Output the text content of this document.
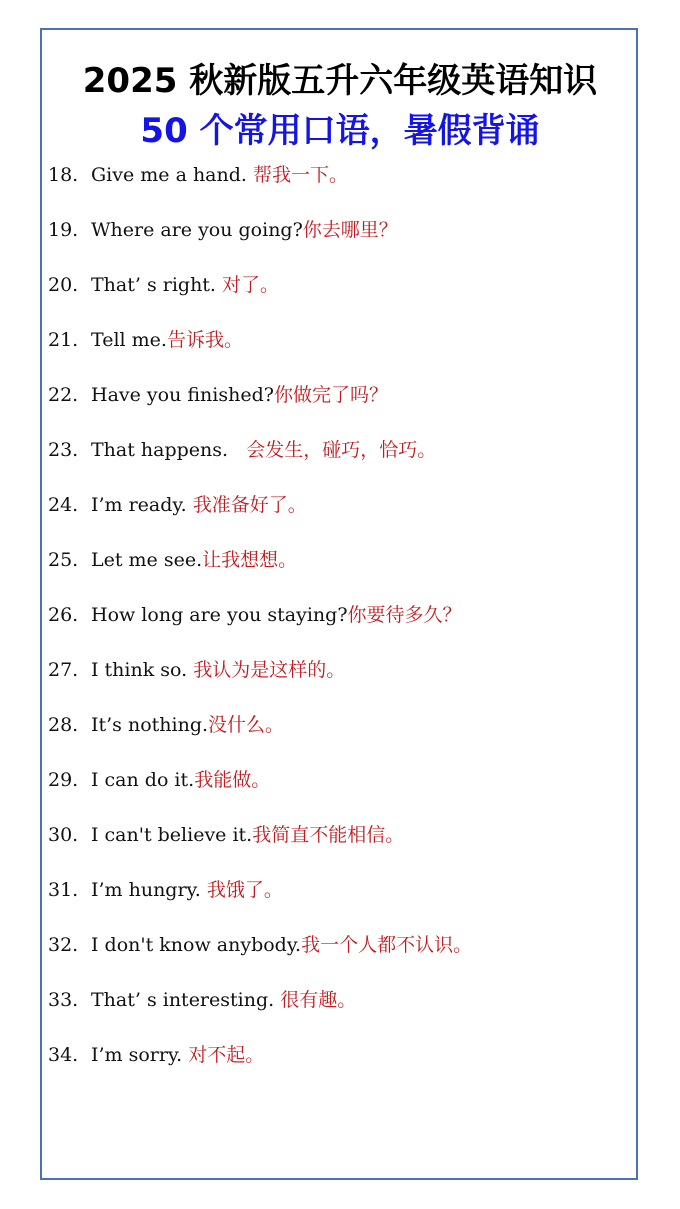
2025 秋新版五升六年级英语知识
50 个常用口语，暑假背诵
18. Give me a hand. 帮我一下。
19. Where are you going?你去哪里？
20. That’ s right. 对了。
21. Tell me.告诉我。
22. Have you finished?你做完了吗？
23. That happens. 会发生，碰巧，恰巧。
24. I’m ready. 我准备好了。
25. Let me see.让我想想。
26. How long are you staying?你要待多久？
27. I think so. 我认为是这样的。
28. It’s nothing.没什么。
29. I can do it.我能做。
30. I can't believe it.我简直不能相信。
31. I’m hungry. 我饿了。
32. I don't know anybody.我一个人都不认识。
33. That’ s interesting. 很有趣。
34. I’m sorry. 对不起。
